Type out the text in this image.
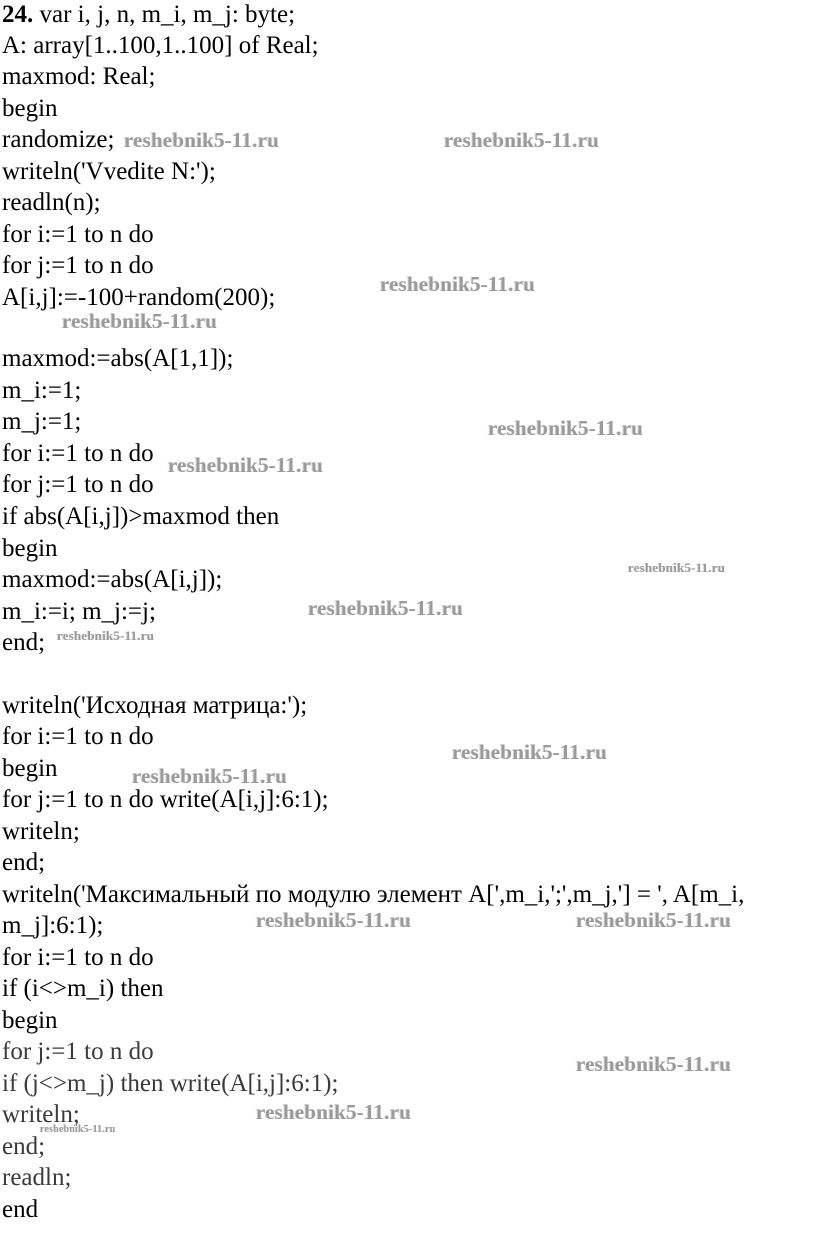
24. var i, j, n, m_i, m_j: byte;
A: array[1..100,1..100] of Real;
maxmod: Real;
begin
randomize;
writeln('Vvedite N:');
readln(n);
for i:=1 to n do
for j:=1 to n do
A[i,j]:=-100+random(200);
maxmod:=abs(A[1,1]);
m_i:=1;
m_j:=1;
for i:=1 to n do
for j:=1 to n do
if abs(A[i,j])>maxmod then
begin
maxmod:=abs(A[i,j]);
m_i:=i; m_j:=j;
end;
writeln('Исходная матрица:');
for i:=1 to n do
begin
for j:=1 to n do write(A[i,j]:6:1);
writeln;
end;
writeln('Максимальный по модулю элемент A[',m_i,';',m_j,'] = ', A[m_i,
m_j]:6:1);
for i:=1 to n do
if (i<>m_i) then
begin
for j:=1 to n do
if (j<>m_j) then write(A[i,j]:6:1);
writeln;
end;
readln;
end
reshebnik5-11.ru	reshebnik5-11.ru
reshebnik5-11.ru
reshebnik5-11.ru
reshebnik5-11.ru
reshebnik5-11.ru
reshebnik5-11.ru
reshebnik5-11.ru
reshebnik5-11.ru
reshebnik5-11.ru
reshebnik5-11.ru
reshebnik5-11.ru	reshebnik5-11.ru
reshebnik5-11.ru
reshebnik5-11.ru
reshebnik5-11.ru
